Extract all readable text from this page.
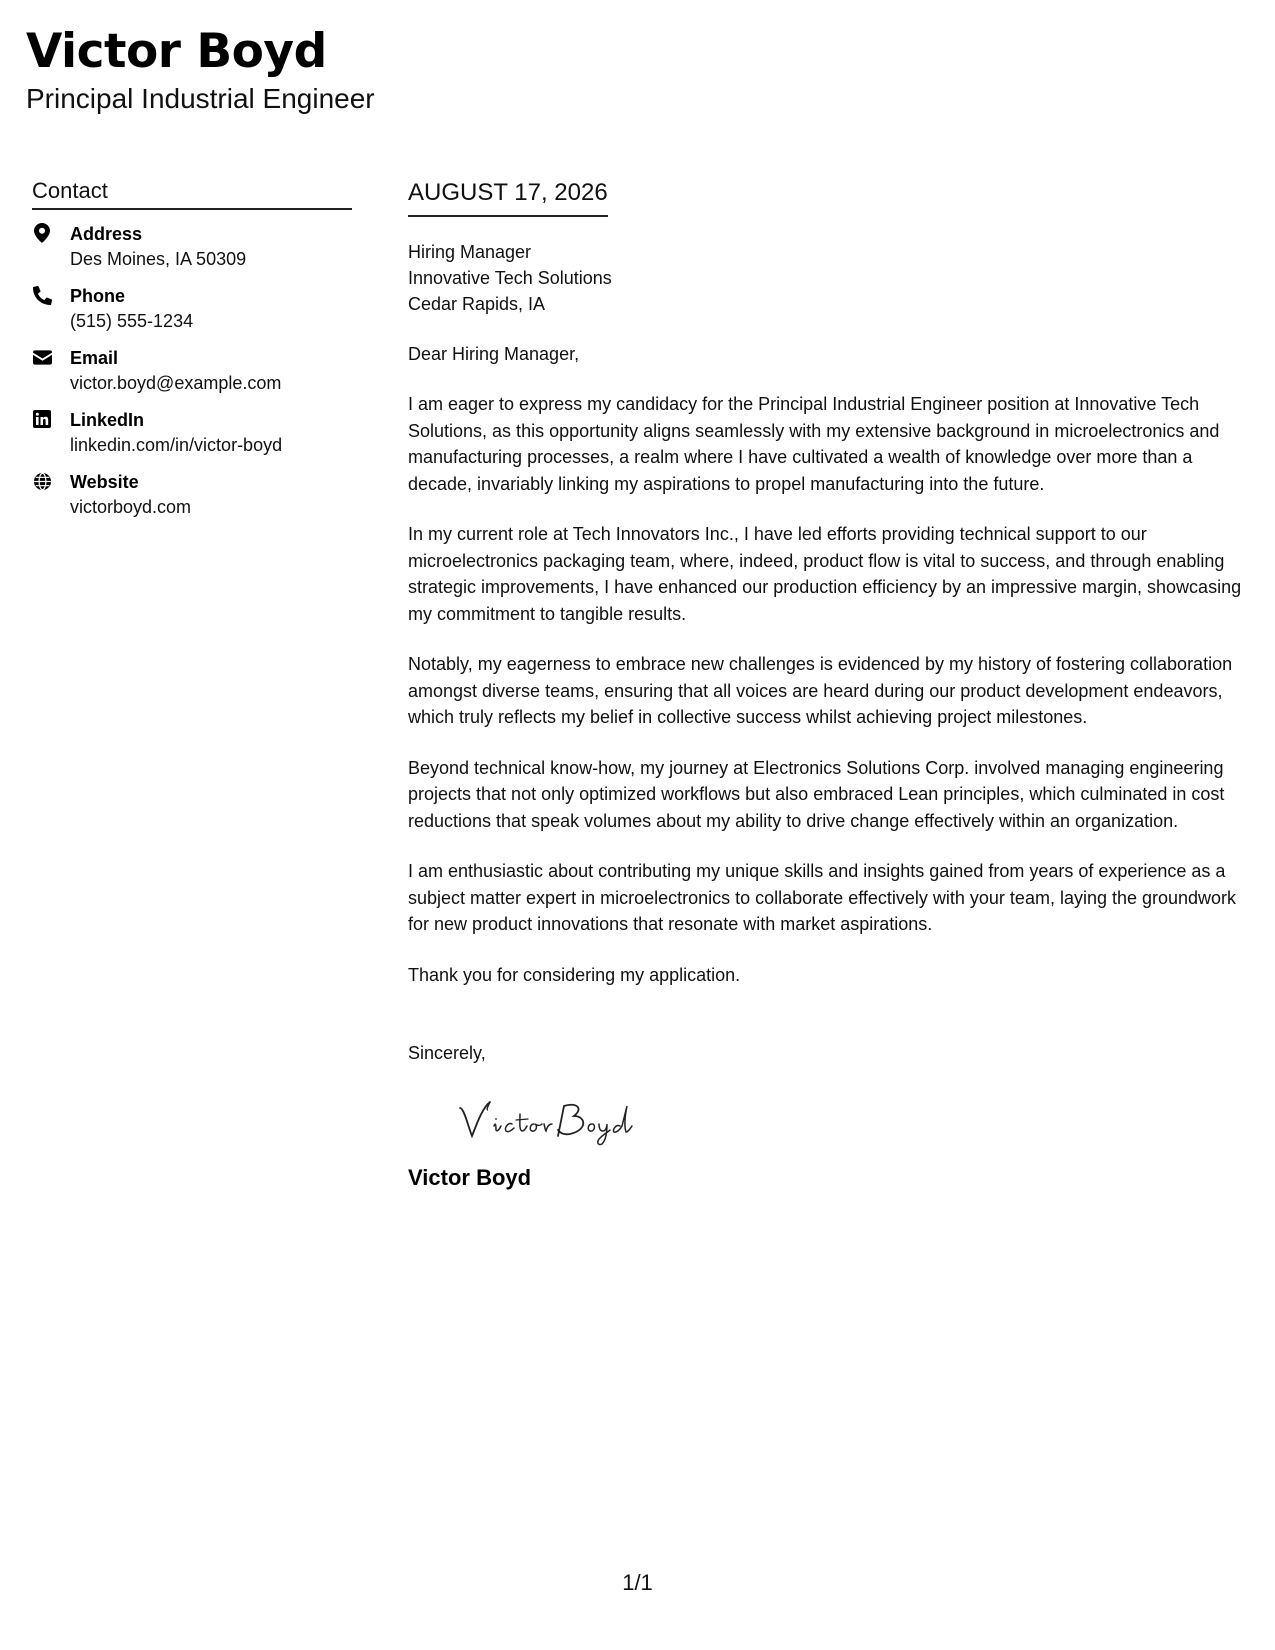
Victor Boyd
Principal Industrial Engineer
Contact
Address
Des Moines, IA 50309
Phone
(515) 555-1234
Email
victor.boyd@example.com
LinkedIn
linkedin.com/in/victor-boyd
Website
victorboyd.com
AUGUST 17, 2026
Hiring Manager
Innovative Tech Solutions
Cedar Rapids, IA
Dear Hiring Manager,
I am eager to express my candidacy for the Principal Industrial Engineer position at Innovative Tech Solutions, as this opportunity aligns seamlessly with my extensive background in microelectronics and manufacturing processes, a realm where I have cultivated a wealth of knowledge over more than a decade, invariably linking my aspirations to propel manufacturing into the future.
In my current role at Tech Innovators Inc., I have led efforts providing technical support to our microelectronics packaging team, where, indeed, product flow is vital to success, and through enabling strategic improvements, I have enhanced our production efficiency by an impressive margin, showcasing my commitment to tangible results.
Notably, my eagerness to embrace new challenges is evidenced by my history of fostering collaboration amongst diverse teams, ensuring that all voices are heard during our product development endeavors, which truly reflects my belief in collective success whilst achieving project milestones.
Beyond technical know-how, my journey at Electronics Solutions Corp. involved managing engineering projects that not only optimized workflows but also embraced Lean principles, which culminated in cost reductions that speak volumes about my ability to drive change effectively within an organization.
I am enthusiastic about contributing my unique skills and insights gained from years of experience as a subject matter expert in microelectronics to collaborate effectively with your team, laying the groundwork for new product innovations that resonate with market aspirations.
Thank you for considering my application.
Sincerely,
Victor Boyd
1/1
